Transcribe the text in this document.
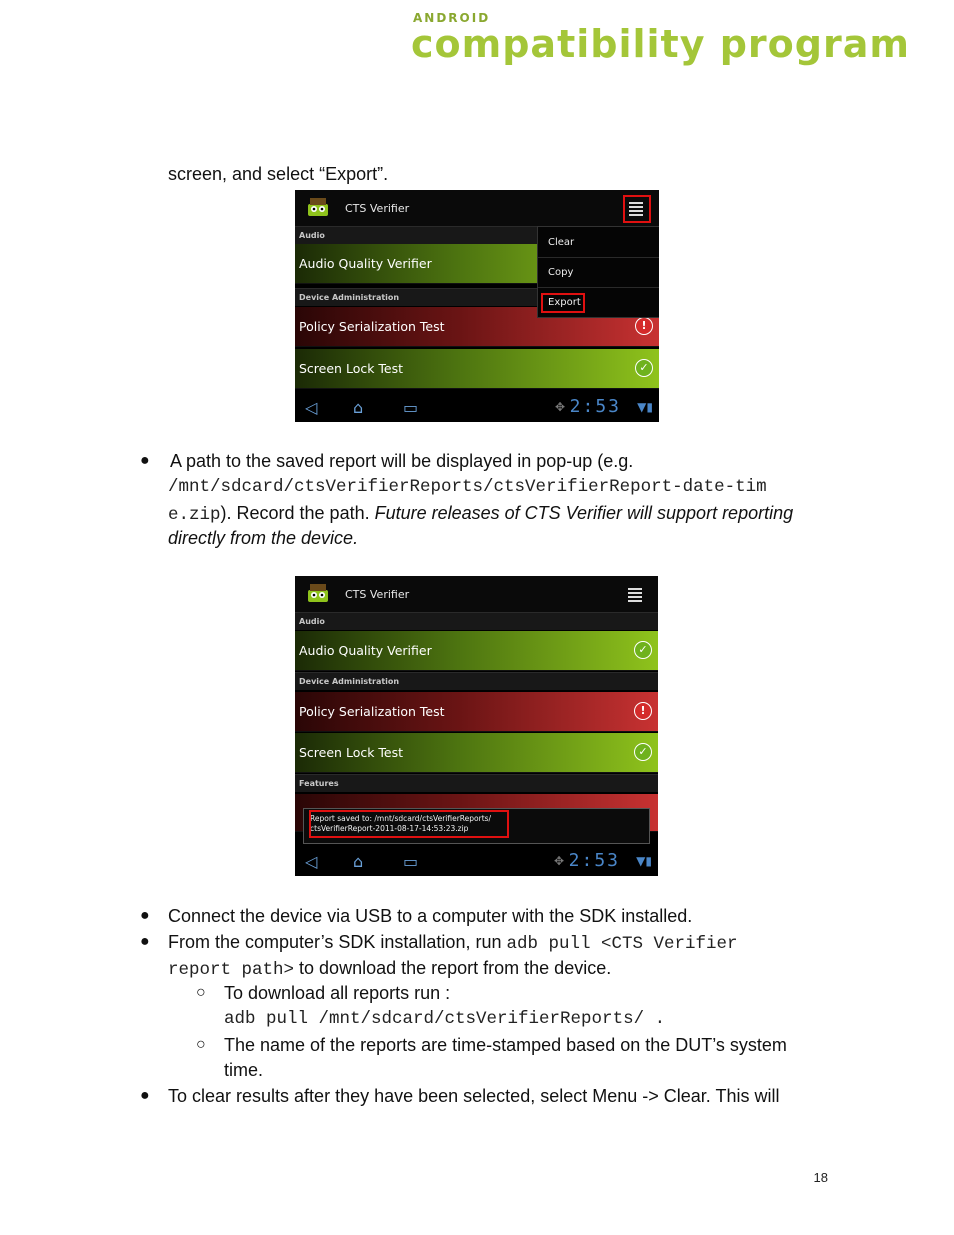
ANDROID
compatibility program
screen, and select “Export”.
CTS Verifier
Audio
Audio Quality Verifier
Device Administration
Policy Serialization Test	!
Screen Lock Test	✓
Clear
Copy
Export
◁ ⌂ ▭	✥ 2:53 ▼▮
● A path to the saved report will be displayed in pop-up (e.g.
/mnt/sdcard/ctsVerifierReports/ctsVerifierReport-date-tim
e.zip). Record the path. Future releases of CTS Verifier will support reporting
directly from the device.
CTS Verifier
Audio
Audio Quality Verifier	✓
Device Administration
Policy Serialization Test	!
Screen Lock Test	✓
Features
Report saved to: /mnt/sdcard/ctsVerifierReports/
ctsVerifierReport-2011-08-17-14:53:23.zip
◁ ⌂ ▭	✥ 2:53 ▼▮
● Connect the device via USB to a computer with the SDK installed.
● From the computer’s SDK installation, run adb pull <CTS Verifier
report path> to download the report from the device.
○ To download all reports run :
adb pull /mnt/sdcard/ctsVerifierReports/ .
○ The name of the reports are time-stamped based on the DUT’s system
time.
● To clear results after they have been selected, select Menu -> Clear. This will
18
